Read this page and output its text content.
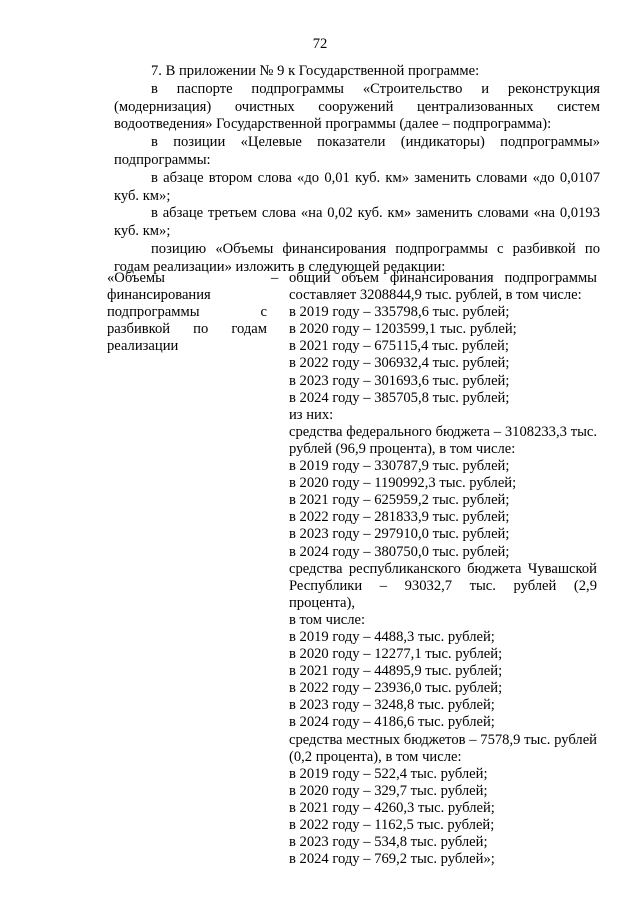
72

7. В приложении № 9 к Государственной программе:

в паспорте подпрограммы «Строительство и реконструкция (модернизация) очистных сооружений централизованных систем водоотведения» Государственной программы (далее – подпрограмма):

в позиции «Целевые показатели (индикаторы) подпрограммы» подпрограммы:

в абзаце втором слова «до 0,01 куб. км» заменить словами «до 0,0107 куб. км»;

в абзаце третьем слова «на 0,02 куб. км» заменить словами «на 0,0193 куб. км»;

позицию «Объемы финансирования подпрограммы с разбивкой по годам реализации» изложить в следующей редакции:

«Объемы финансирования подпрограммы с разбивкой по годам реализации
– общий объем финансирования подпрограммы составляет 3208844,9 тыс. рублей, в том числе:
в 2019 году – 335798,6 тыс. рублей;
в 2020 году – 1203599,1 тыс. рублей;
в 2021 году – 675115,4 тыс. рублей;
в 2022 году – 306932,4 тыс. рублей;
в 2023 году – 301693,6 тыс. рублей;
в 2024 году – 385705,8 тыс. рублей;
из них:
средства федерального бюджета – 3108233,3 тыс. рублей (96,9 процента), в том числе:
в 2019 году – 330787,9 тыс. рублей;
в 2020 году – 1190992,3 тыс. рублей;
в 2021 году – 625959,2 тыс. рублей;
в 2022 году – 281833,9 тыс. рублей;
в 2023 году – 297910,0 тыс. рублей;
в 2024 году – 380750,0 тыс. рублей;
средства республиканского бюджета Чувашской Республики – 93032,7 тыс. рублей (2,9 процента),
в том числе:
в 2019 году – 4488,3 тыс. рублей;
в 2020 году – 12277,1 тыс. рублей;
в 2021 году – 44895,9 тыс. рублей;
в 2022 году – 23936,0 тыс. рублей;
в 2023 году – 3248,8 тыс. рублей;
в 2024 году – 4186,6 тыс. рублей;
средства местных бюджетов – 7578,9 тыс. рублей (0,2 процента), в том числе:
в 2019 году – 522,4 тыс. рублей;
в 2020 году – 329,7 тыс. рублей;
в 2021 году – 4260,3 тыс. рублей;
в 2022 году – 1162,5 тыс. рублей;
в 2023 году – 534,8 тыс. рублей;
в 2024 году – 769,2 тыс. рублей»;
